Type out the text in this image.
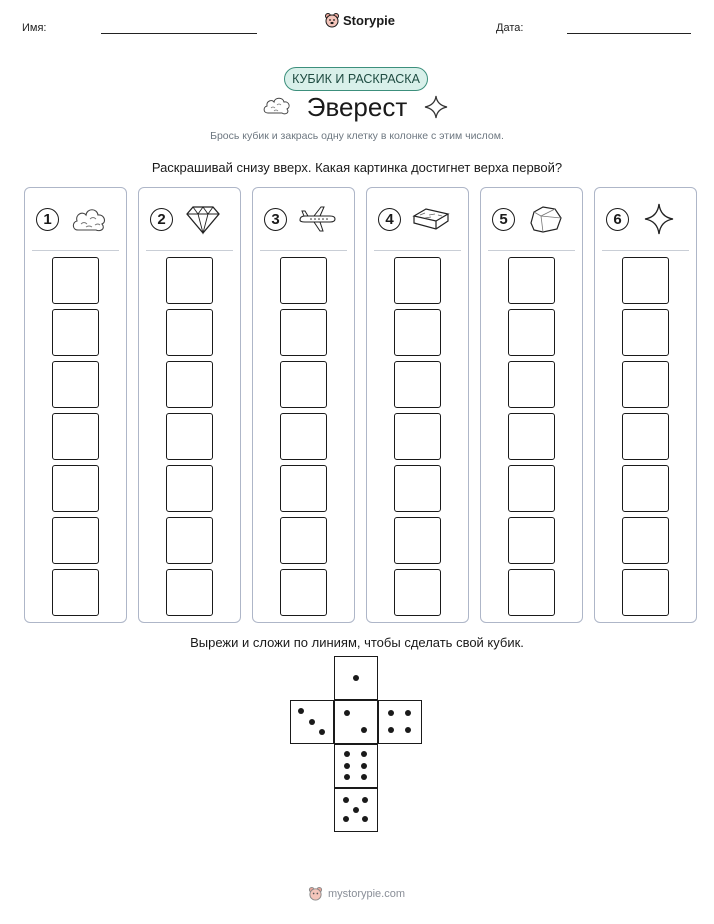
Имя:
Storypie
Дата:
КУБИК И РАСКРАСКА
Эверест
Брось кубик и закрась одну клетку в колонке с этим числом.
Раскрашивай снизу вверх. Какая картинка достигнет верха первой?
1	2	3	4	5	6
Вырежи и сложи по линиям, чтобы сделать свой кубик.
mystorypie.com
